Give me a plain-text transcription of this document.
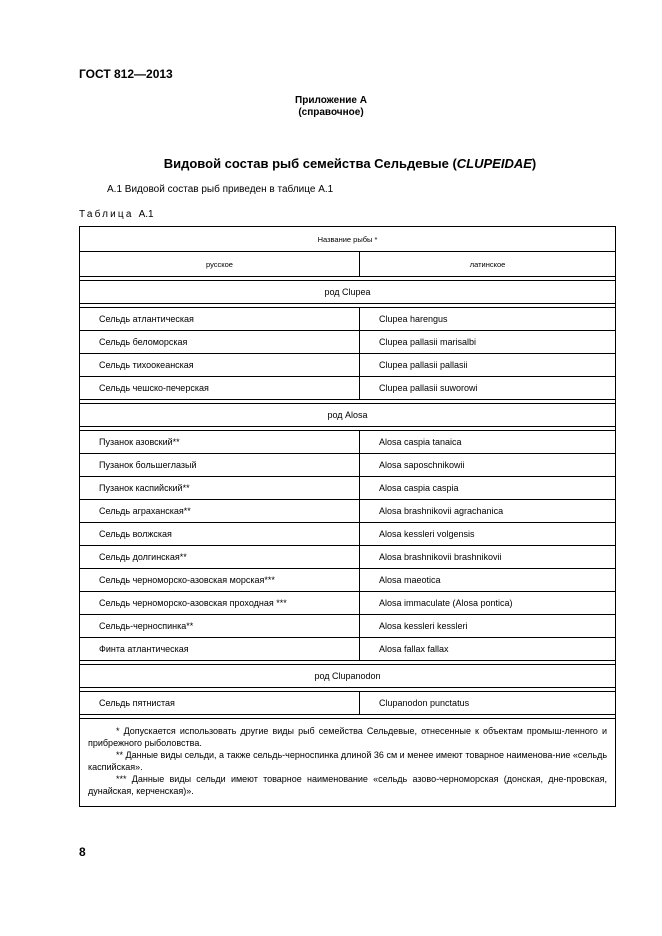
ГОСТ 812—2013
Приложение А
(справочное)
Видовой состав рыб семейства Сельдевые (CLUPEIDAE)
А.1 Видовой состав рыб приведен в таблице А.1
Таблица А.1
Название рыбы *	
русское	латинское

род Clupea	

Сельдь атлантическая	Clupea harengus
Сельдь беломорская	Clupea pallasii marisalbi
Сельдь тихоокеанская	Clupea pallasii pallasii
Сельдь чешско-печерская	Clupea pallasii suworowi

род Alosa	

Пузанок азовский**	Alosa caspia tanaica
Пузанок большеглазый	Alosa saposchnikowii
Пузанок каспийский**	Alosa caspia caspia
Сельдь аграханская**	Alosa brashnikovii agrachanica
Сельдь волжская	Alosa kessleri volgensis
Сельдь долгинская**	Alosa brashnikovii brashnikovii
Сельдь черноморско-азовская морская***	Alosa maeotica
Сельдь черноморско-азовская проходная ***	Alosa immaculate (Alosa pontica)
Сельдь-черноспинка**	Alosa kessleri kessleri
Финта атлантическая	Alosa fallax fallax

род Clupanodon	

Сельдь пятнистая	Clupanodon punctatus

* Допускается использовать другие виды рыб семейства Сельдевые, отнесенные к объектам промыш-ленного и прибрежного рыболовства.

** Данные виды сельди, а также сельдь-черноспинка длиной 36 см и менее имеют товарное наименова-ние «сельдь каспийская».

*** Данные виды сельди имеют товарное наименование «сельдь азово-черноморская (донская, дне-провская, дунайская, керченская)».	

8
